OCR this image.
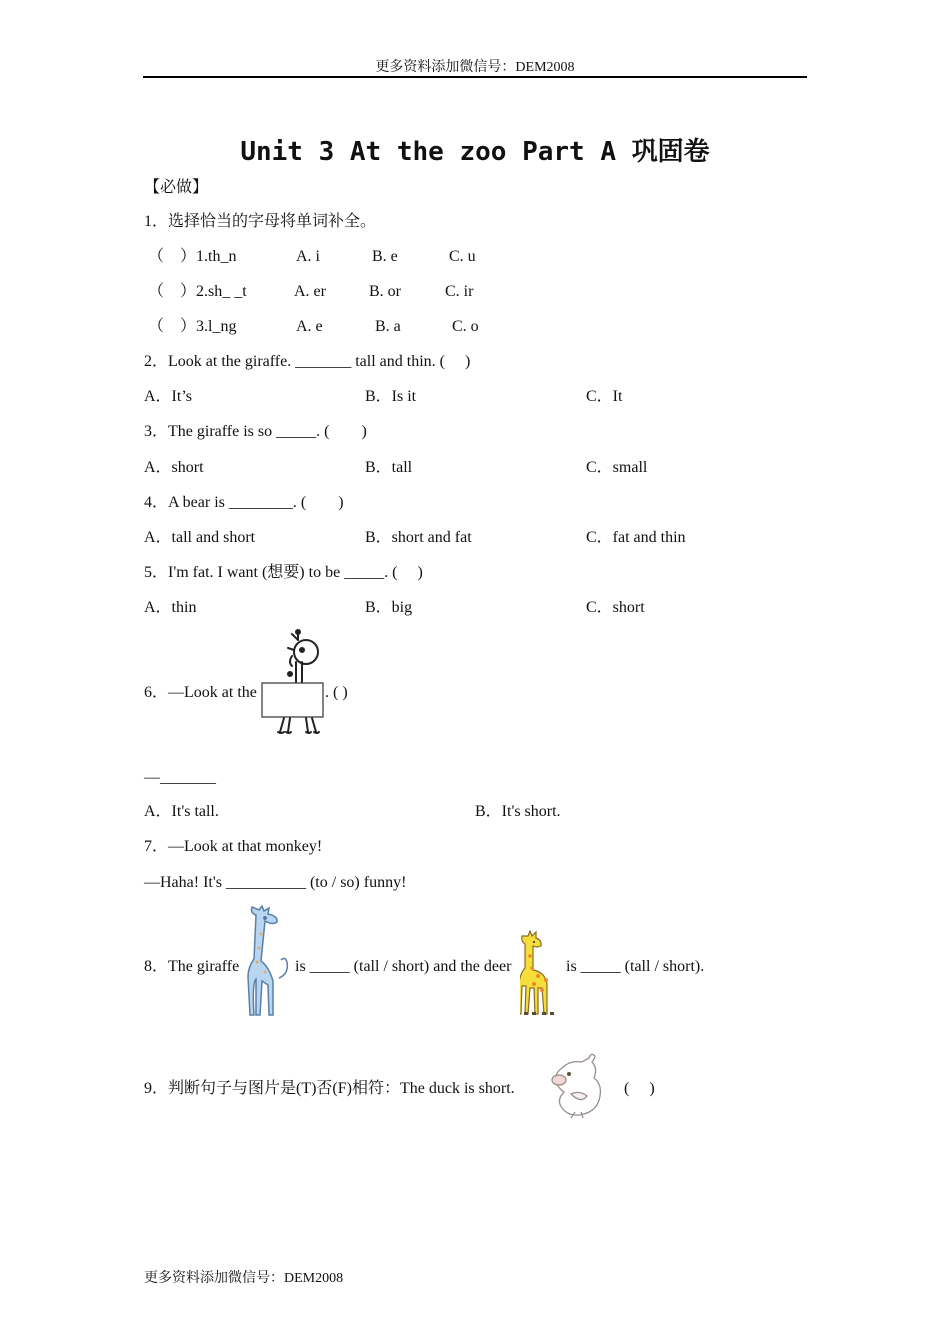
更多资料添加微信号：DEM2008
Unit 3 At the zoo Part A 巩固卷
【必做】
1．选择恰当的字母将单词补全。
（　）1.th_n	A. i	B. e	C. u
（　）2.sh_ _t	A. er	B. or	C. ir
（　）3.l_ng	A. e	B. a	C. o
2．Look at the giraffe. _______ tall and thin. (　 )
A．It’s	B．Is it	C．It
3．The giraffe is so _____. (　　)
A．short	B．tall	C．small
4．A bear is ________. (　　)
A．tall and short	B．short and fat	C．fat and thin
5．I'm fat. I want (想要) to be _____. (　 )
A．thin	B．big	C．short
6．—Look at the	. ( )
—_______
A．It's tall.	B．It's short.
7．—Look at that monkey!
—Haha! It's __________ (to / so) funny!
8．The giraffe	is _____ (tall / short) and the deer	is _____ (tall / short).
9．判断句子与图片是(T)否(F)相符：The duck is short.	(　 )
更多资料添加微信号：DEM2008
